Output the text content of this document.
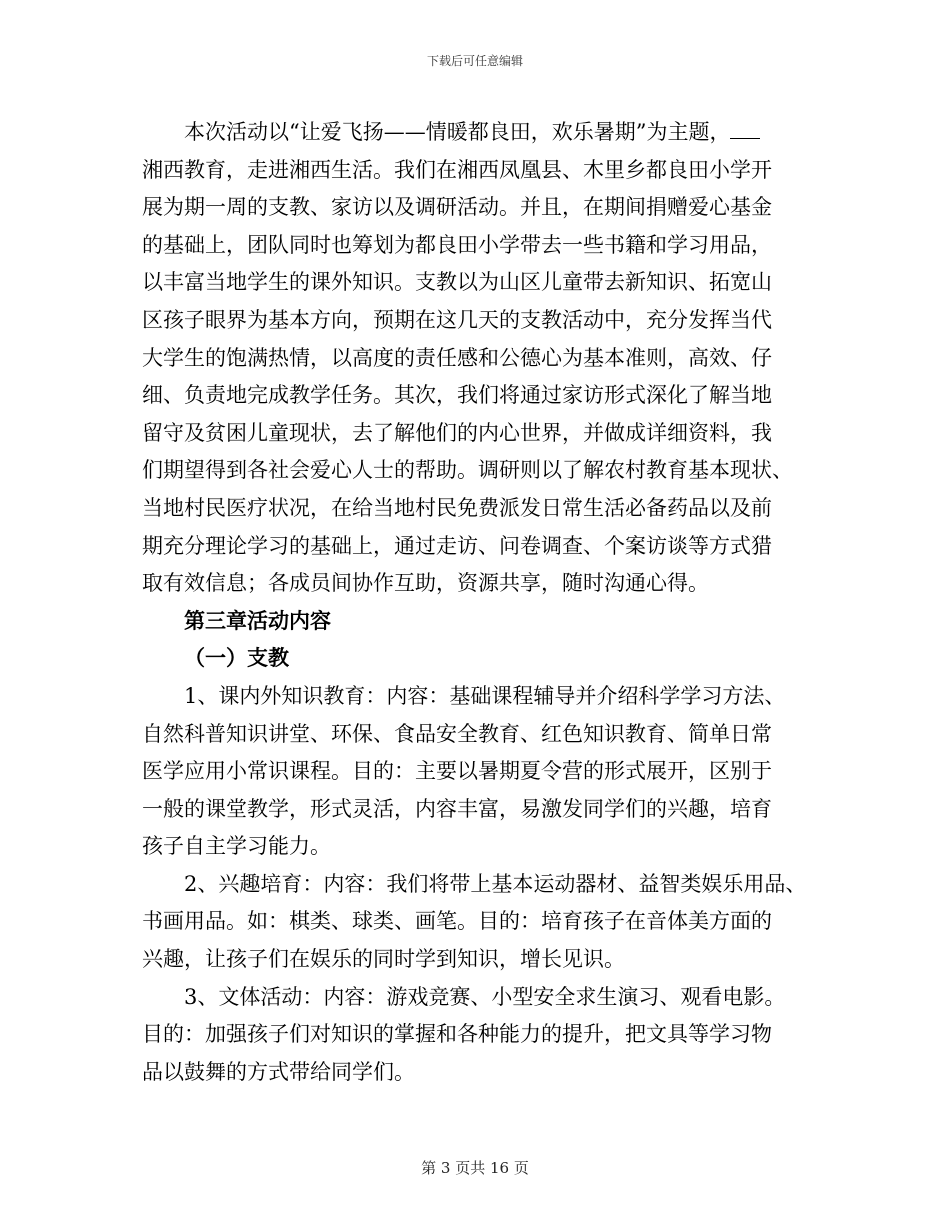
下载后可任意编辑
本次活动以“让爱飞扬——情暖都良田，欢乐暑期”为主题，
湘西教育，走进湘西生活。我们在湘西凤凰县、木里乡都良田小学开
展为期一周的支教、家访以及调研活动。并且，在期间捐赠爱心基金
的基础上，团队同时也筹划为都良田小学带去一些书籍和学习用品，
以丰富当地学生的课外知识。支教以为山区儿童带去新知识、拓宽山
区孩子眼界为基本方向，预期在这几天的支教活动中，充分发挥当代
大学生的饱满热情，以高度的责任感和公德心为基本准则，高效、仔
细、负责地完成教学任务。其次，我们将通过家访形式深化了解当地
留守及贫困儿童现状，去了解他们的内心世界，并做成详细资料，我
们期望得到各社会爱心人士的帮助。调研则以了解农村教育基本现状、
当地村民医疗状况，在给当地村民免费派发日常生活必备药品以及前
期充分理论学习的基础上，通过走访、问卷调查、个案访谈等方式猎
取有效信息；各成员间协作互助，资源共享，随时沟通心得。
第三章活动内容
（一）支教
1、课内外知识教育：内容：基础课程辅导并介绍科学学习方法、
自然科普知识讲堂、环保、食品安全教育、红色知识教育、简单日常
医学应用小常识课程。目的：主要以暑期夏令营的形式展开，区别于
一般的课堂教学，形式灵活，内容丰富，易激发同学们的兴趣，培育
孩子自主学习能力。
2、兴趣培育：内容：我们将带上基本运动器材、益智类娱乐用品、
书画用品。如：棋类、球类、画笔。目的：培育孩子在音体美方面的
兴趣，让孩子们在娱乐的同时学到知识，增长见识。
3、文体活动：内容：游戏竞赛、小型安全求生演习、观看电影。
目的：加强孩子们对知识的掌握和各种能力的提升，把文具等学习物
品以鼓舞的方式带给同学们。
第 3 页共 16 页
